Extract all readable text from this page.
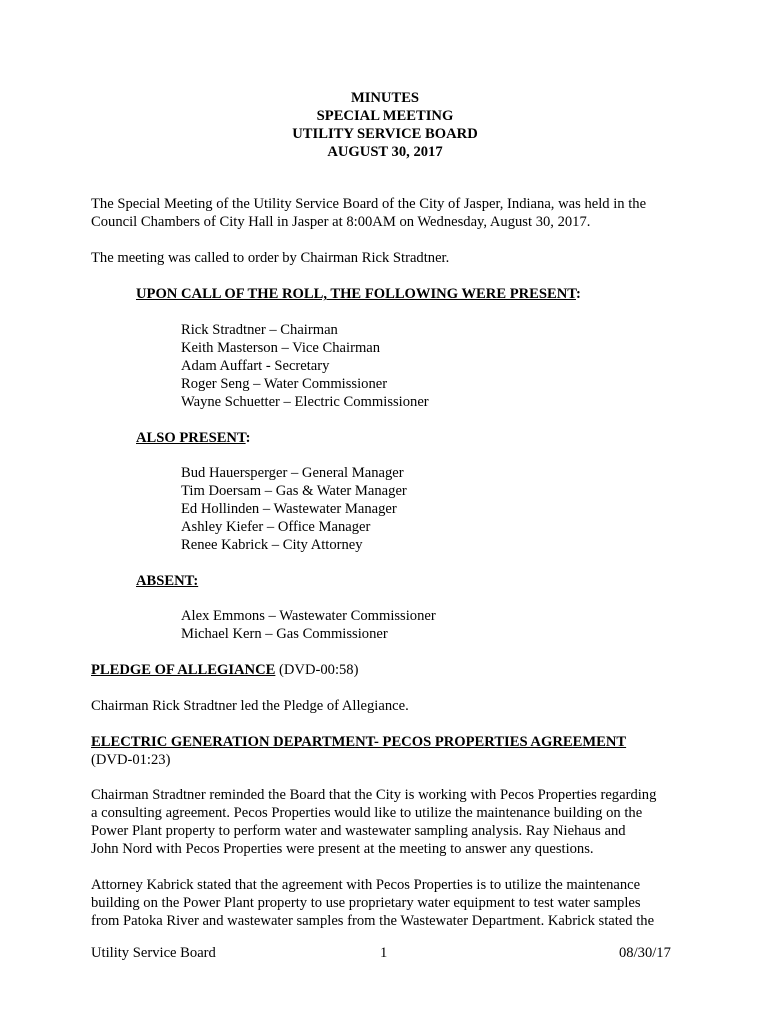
MINUTES
SPECIAL MEETING
UTILITY SERVICE BOARD
AUGUST 30, 2017
The Special Meeting of the Utility Service Board of the City of Jasper, Indiana, was held in the
Council Chambers of City Hall in Jasper at 8:00AM on Wednesday, August 30, 2017.
The meeting was called to order by Chairman Rick Stradtner.
UPON CALL OF THE ROLL, THE FOLLOWING WERE PRESENT:
Rick Stradtner – Chairman
Keith Masterson – Vice Chairman
Adam Auffart - Secretary
Roger Seng – Water Commissioner
Wayne Schuetter – Electric Commissioner
ALSO PRESENT:
Bud Hauersperger – General Manager
Tim Doersam – Gas & Water Manager
Ed Hollinden – Wastewater Manager
Ashley Kiefer – Office Manager
Renee Kabrick – City Attorney
ABSENT:
Alex Emmons – Wastewater Commissioner
Michael Kern – Gas Commissioner
PLEDGE OF ALLEGIANCE (DVD-00:58)
Chairman Rick Stradtner led the Pledge of Allegiance.
ELECTRIC GENERATION DEPARTMENT- PECOS PROPERTIES AGREEMENT
(DVD-01:23)
Chairman Stradtner reminded the Board that the City is working with Pecos Properties regarding
a consulting agreement. Pecos Properties would like to utilize the maintenance building on the
Power Plant property to perform water and wastewater sampling analysis. Ray Niehaus and
John Nord with Pecos Properties were present at the meeting to answer any questions.
Attorney Kabrick stated that the agreement with Pecos Properties is to utilize the maintenance
building on the Power Plant property to use proprietary water equipment to test water samples
from Patoka River and wastewater samples from the Wastewater Department. Kabrick stated the
Utility Service Board	1	08/30/17
